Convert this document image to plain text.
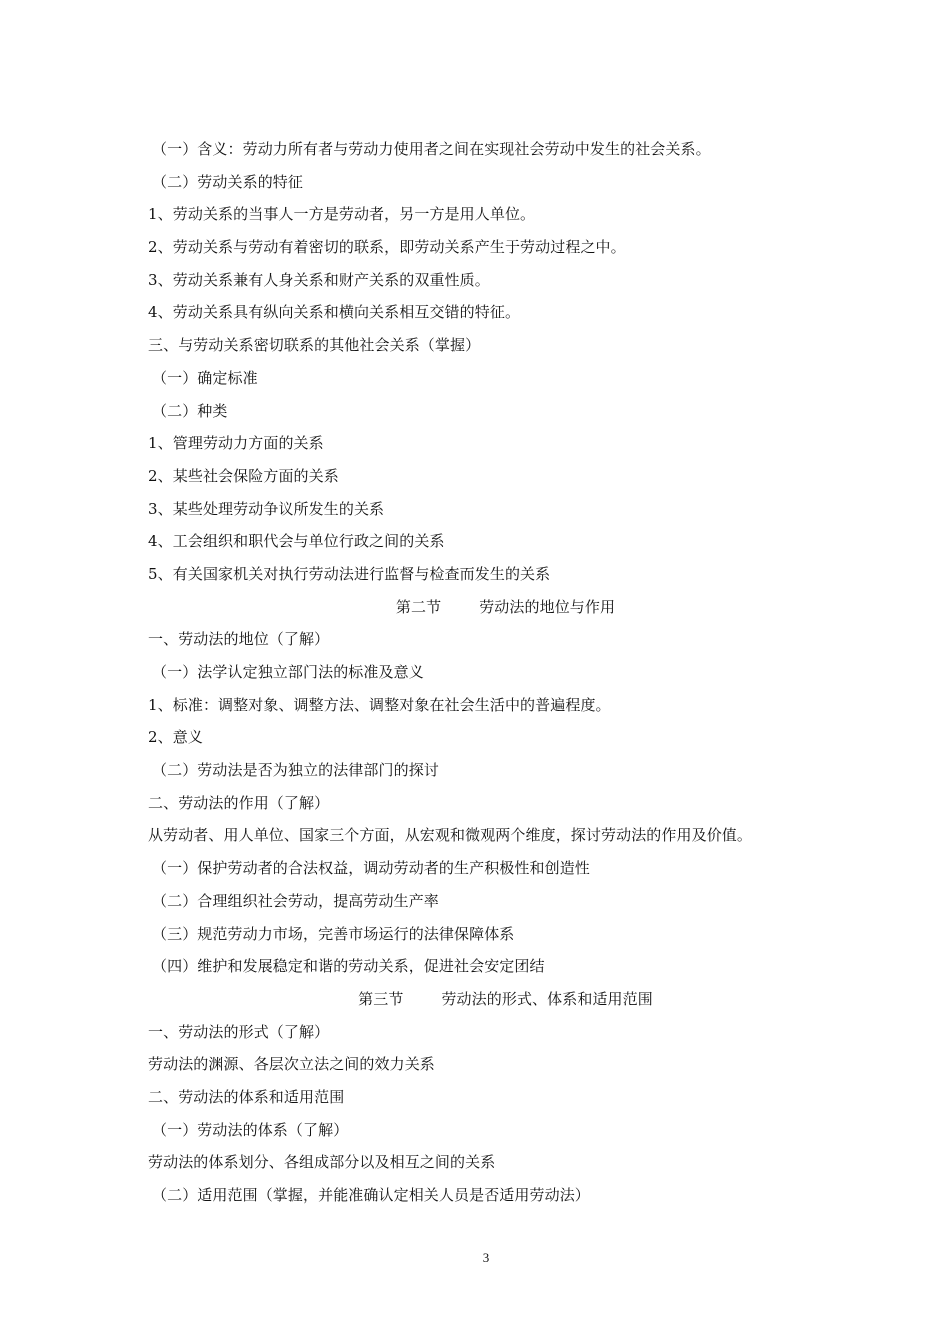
（一）含义：劳动力所有者与劳动力使用者之间在实现社会劳动中发生的社会关系。
（二）劳动关系的特征
1、劳动关系的当事人一方是劳动者，另一方是用人单位。
2、劳动关系与劳动有着密切的联系，即劳动关系产生于劳动过程之中。
3、劳动关系兼有人身关系和财产关系的双重性质。
4、劳动关系具有纵向关系和横向关系相互交错的特征。
三、与劳动关系密切联系的其他社会关系（掌握）
（一）确定标准
（二）种类
1、管理劳动力方面的关系
2、某些社会保险方面的关系
3、某些处理劳动争议所发生的关系
4、工会组织和职代会与单位行政之间的关系
5、有关国家机关对执行劳动法进行监督与检查而发生的关系
第二节	劳动法的地位与作用
一、劳动法的地位（了解）
（一）法学认定独立部门法的标准及意义
1、标准：调整对象、调整方法、调整对象在社会生活中的普遍程度。
2、意义
（二）劳动法是否为独立的法律部门的探讨
二、劳动法的作用（了解）
从劳动者、用人单位、国家三个方面，从宏观和微观两个维度，探讨劳动法的作用及价值。
（一）保护劳动者的合法权益，调动劳动者的生产积极性和创造性
（二）合理组织社会劳动，提高劳动生产率
（三）规范劳动力市场，完善市场运行的法律保障体系
（四）维护和发展稳定和谐的劳动关系，促进社会安定团结
第三节	劳动法的形式、体系和适用范围
一、劳动法的形式（了解）
劳动法的渊源、各层次立法之间的效力关系
二、劳动法的体系和适用范围
（一）劳动法的体系（了解）
劳动法的体系划分、各组成部分以及相互之间的关系
（二）适用范围（掌握，并能准确认定相关人员是否适用劳动法）
3
